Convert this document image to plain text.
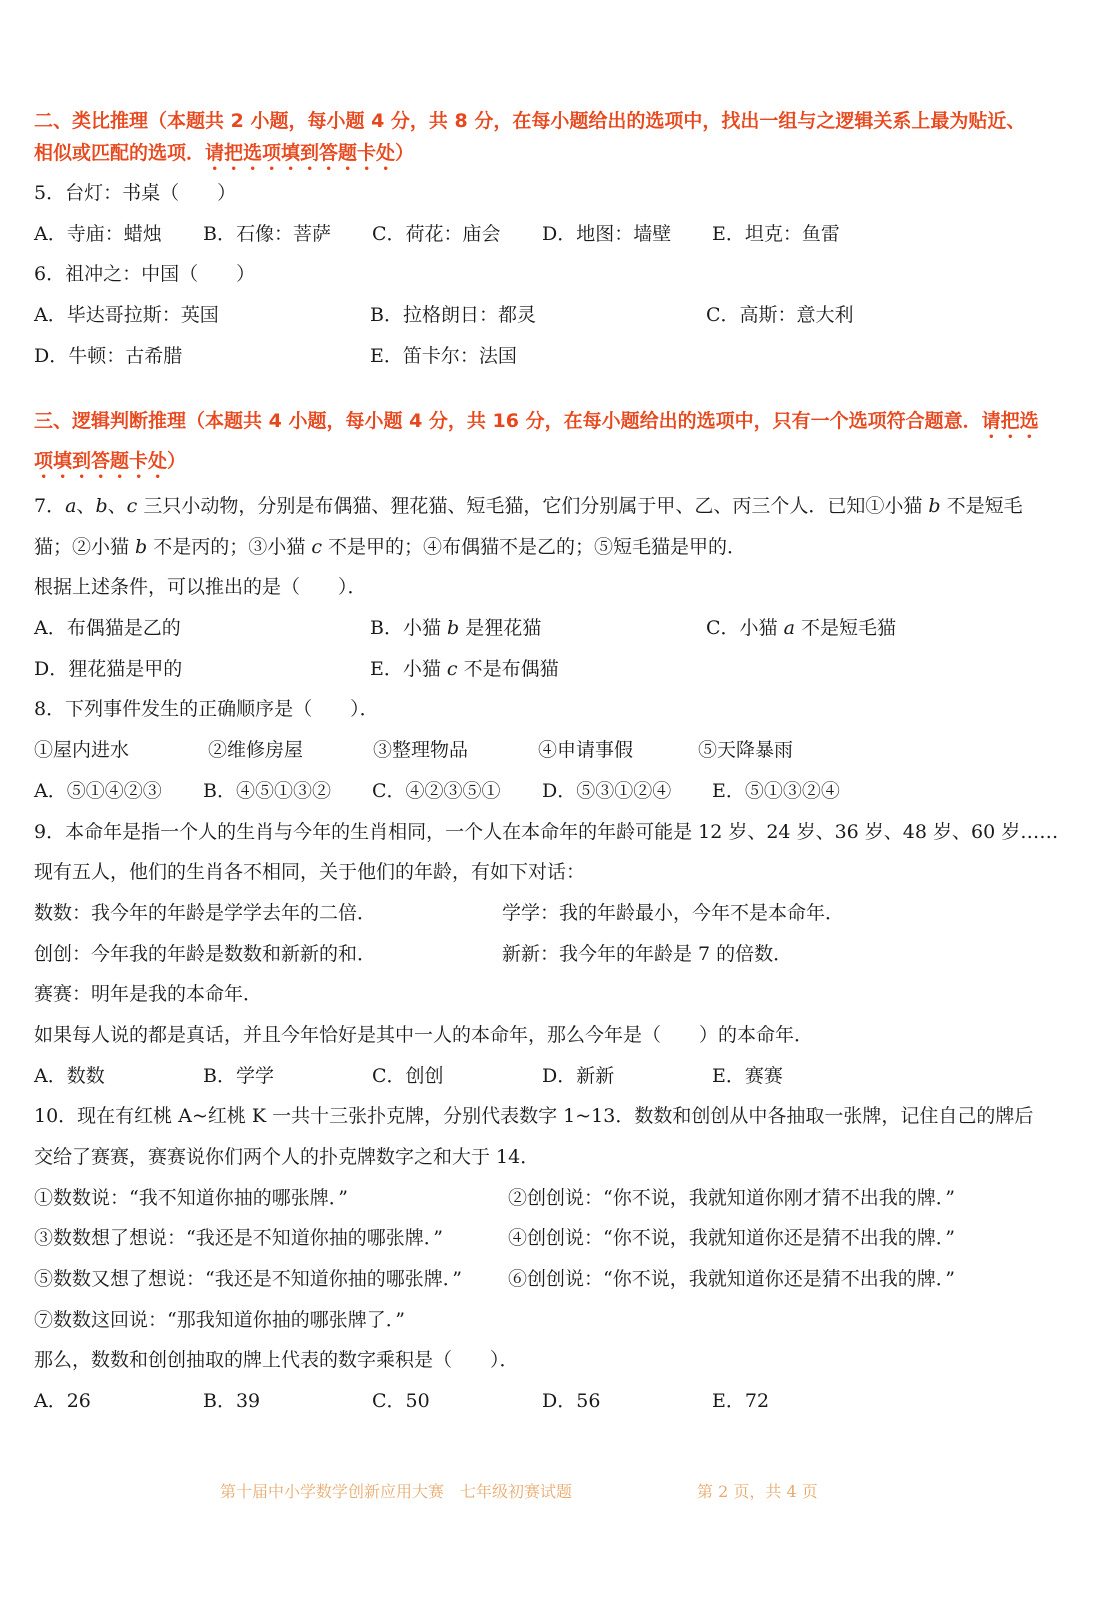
二、类比推理（本题共 2 小题，每小题 4 分，共 8 分，在每小题给出的选项中，找出一组与之逻辑关系上最为贴近、
相似或匹配的选项．请把选项填到答题卡处）
5．台灯：书桌（　　）
A．寺庙：蜡烛 B．石像：菩萨 C．荷花：庙会 D．地图：墙壁 E．坦克：鱼雷
6．祖冲之：中国（　　）
A．毕达哥拉斯：英国	B．拉格朗日：都灵	C．高斯：意大利
D．牛顿：古希腊	E．笛卡尔：法国
三、逻辑判断推理（本题共 4 小题，每小题 4 分，共 16 分，在每小题给出的选项中，只有一个选项符合题意．请把选
项填到答题卡处）
7．a、b、c 三只小动物，分别是布偶猫、狸花猫、短毛猫，它们分别属于甲、乙、丙三个人．已知①小猫 b 不是短毛
猫；②小猫 b 不是丙的；③小猫 c 不是甲的；④布偶猫不是乙的；⑤短毛猫是甲的．
根据上述条件，可以推出的是（　　）．
A．布偶猫是乙的	B．小猫 b 是狸花猫	C．小猫 a 不是短毛猫
D．狸花猫是甲的	E．小猫 c 不是布偶猫
8．下列事件发生的正确顺序是（　　）．
①屋内进水	②维修房屋	③整理物品	④申请事假	⑤天降暴雨
A．⑤①④②③ B．④⑤①③② C．④②③⑤① D．⑤③①②④ E．⑤①③②④
9．本命年是指一个人的生肖与今年的生肖相同，一个人在本命年的年龄可能是 12 岁、24 岁、36 岁、48 岁、60 岁……
现有五人，他们的生肖各不相同，关于他们的年龄，有如下对话：
数数：我今年的年龄是学学去年的二倍．	学学：我的年龄最小，今年不是本命年．
创创：今年我的年龄是数数和新新的和．	新新：我今年的年龄是 7 的倍数．
赛赛：明年是我的本命年．
如果每人说的都是真话，并且今年恰好是其中一人的本命年，那么今年是（　　）的本命年．
A．数数	B．学学	C．创创	D．新新	E．赛赛
10．现在有红桃 A~红桃 K 一共十三张扑克牌，分别代表数字 1~13．数数和创创从中各抽取一张牌，记住自己的牌后
交给了赛赛，赛赛说你们两个人的扑克牌数字之和大于 14．
①数数说：“我不知道你抽的哪张牌．”	②创创说：“你不说，我就知道你刚才猜不出我的牌．”
③数数想了想说：“我还是不知道你抽的哪张牌．”	④创创说：“你不说，我就知道你还是猜不出我的牌．”
⑤数数又想了想说：“我还是不知道你抽的哪张牌．” ⑥创创说：“你不说，我就知道你还是猜不出我的牌．”
⑦数数这回说：“那我知道你抽的哪张牌了．”
那么，数数和创创抽取的牌上代表的数字乘积是（　　）．
A．26	B．39	C．50	D．56	E．72
第十届中小学数学创新应用大赛　七年级初赛试题	第 2 页，共 4 页
